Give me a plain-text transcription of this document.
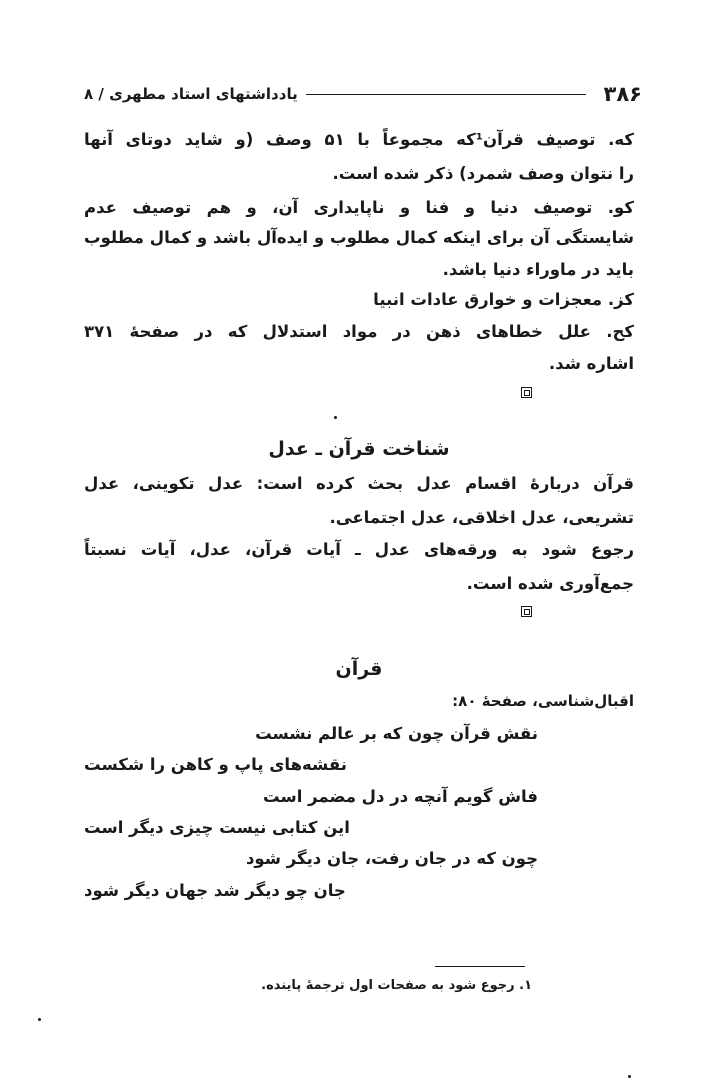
۳۸۶
یادداشتهای استاد مطهری / ۸
که. توصیف قرآن¹که مجموعاً با ۵۱ وصف (و شاید دوتای آنها
را نتوان وصف شمرد) ذکر شده است.
کو. توصیف دنیا و فنا و ناپایداری آن، و هم توصیف عدم
شایستگی آن برای اینکه کمال مطلوب و ایده‌آل باشد و کمال مطلوب
باید در ماوراء دنیا باشد.
کز. معجزات و خوارق عادات انبیا
کح. علل خطاهای ذهن در مواد استدلال که در صفحهٔ ۳۷۱
اشاره شد.
شناخت قرآن ـ عدل
قرآن دربارهٔ اقسام عدل بحث کرده است: عدل تکوینی، عدل
تشریعی، عدل اخلاقی، عدل اجتماعی.
رجوع شود به ورقه‌های عدل ـ آیات قرآن، عدل، آیات نسبتاً
جمع‌آوری شده است.
قرآن
اقبال‌شناسی، صفحهٔ ۸۰:
نقش قرآن چون که بر عالم نشست
نقشه‌های پاپ و کاهن را شکست
فاش گویم آنچه در دل مضمر است
این کتابی نیست چیزی دیگر است
چون که در جان رفت، جان دیگر شود
جان چو دیگر شد جهان دیگر شود
۱. رجوع شود به صفحات اول ترجمهٔ پاینده.
